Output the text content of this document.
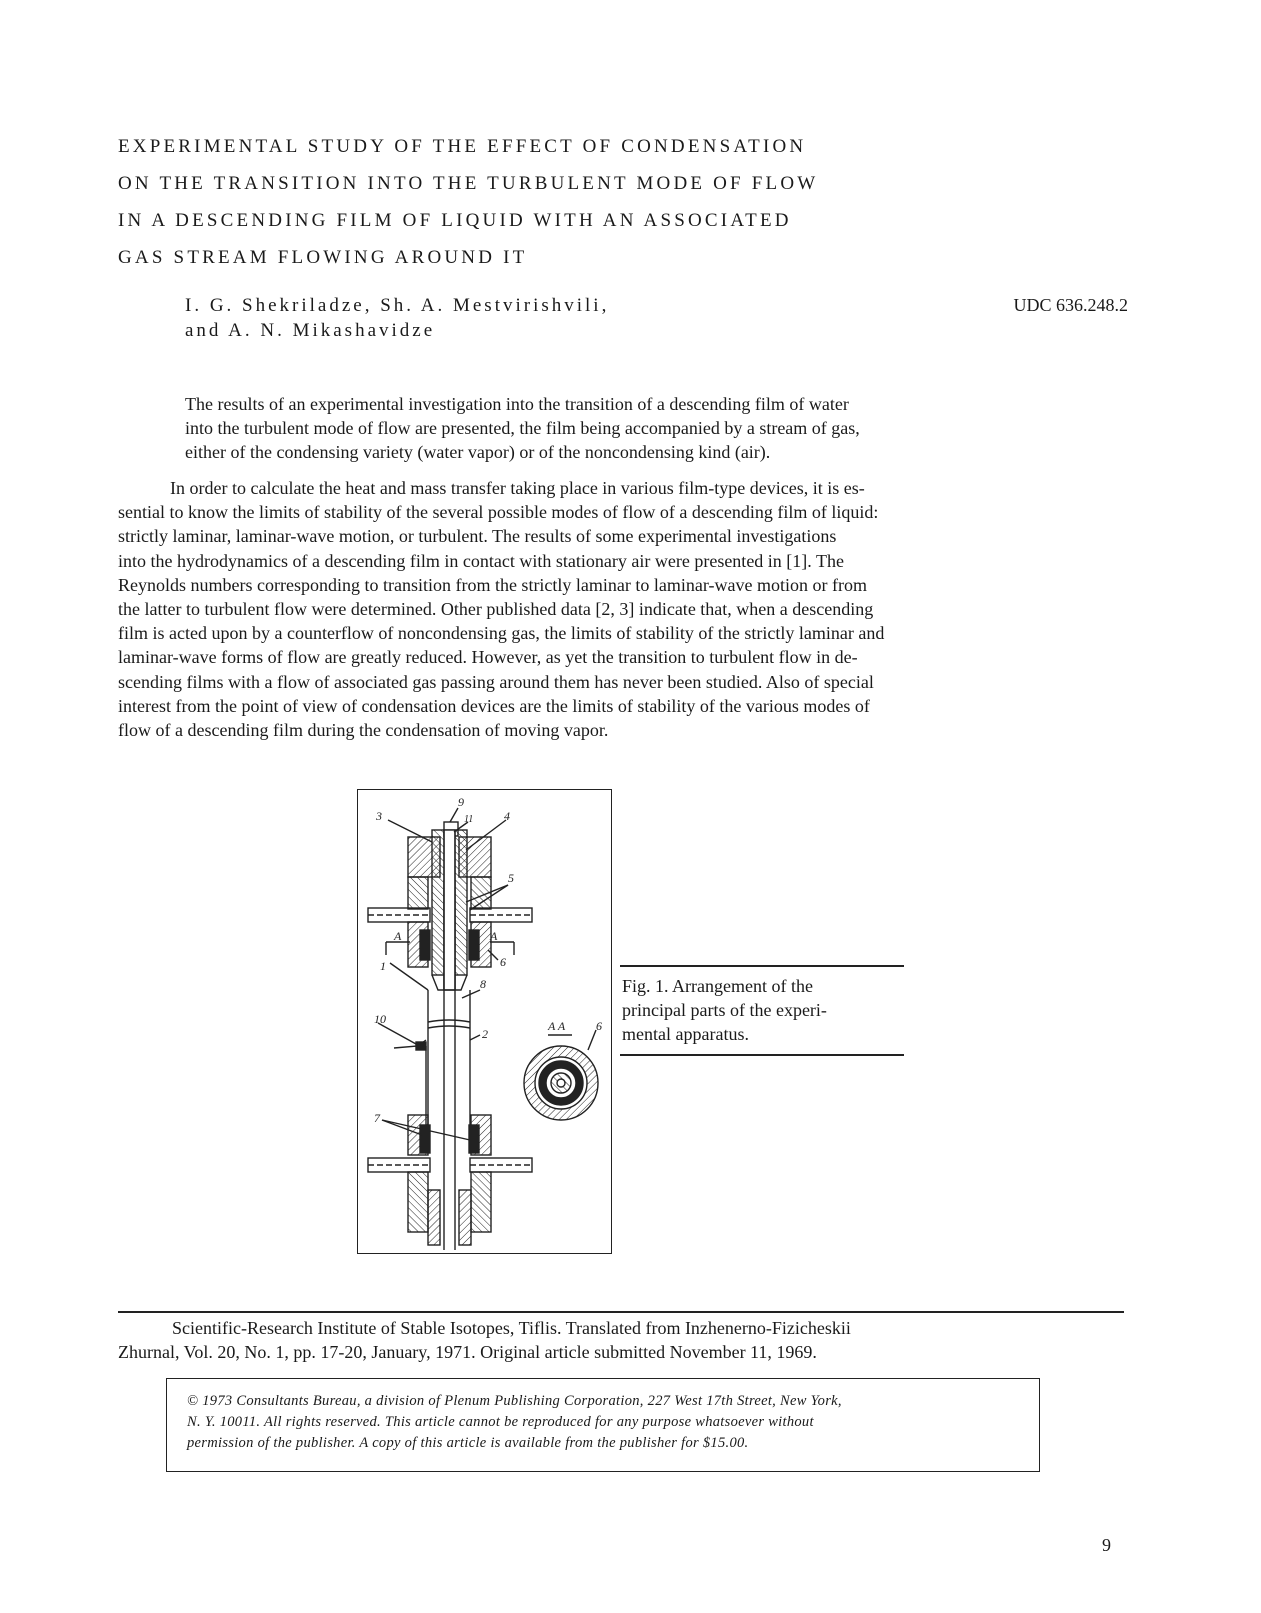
EXPERIMENTAL STUDY OF THE EFFECT OF CONDENSATION
ON THE TRANSITION INTO THE TURBULENT MODE OF FLOW
IN A DESCENDING FILM OF LIQUID WITH AN ASSOCIATED
GAS STREAM FLOWING AROUND IT
I. G. Shekriladze, Sh. A. Mestvirishvili,
and A. N. Mikashavidze
UDC 636.248.2
The results of an experimental investigation into the transition of a descending film of water
into the turbulent mode of flow are presented, the film being accompanied by a stream of gas,
either of the condensing variety (water vapor) or of the noncondensing kind (air).
In order to calculate the heat and mass transfer taking place in various film-type devices, it is es-
sential to know the limits of stability of the several possible modes of flow of a descending film of liquid:
strictly laminar, laminar-wave motion, or turbulent. The results of some experimental investigations
into the hydrodynamics of a descending film in contact with stationary air were presented in [1]. The
Reynolds numbers corresponding to transition from the strictly laminar to laminar-wave motion or from
the latter to turbulent flow were determined. Other published data [2, 3] indicate that, when a descending
film is acted upon by a counterflow of noncondensing gas, the limits of stability of the strictly laminar and
laminar-wave forms of flow are greatly reduced. However, as yet the transition to turbulent flow in de-
scending films with a flow of associated gas passing around them has never been studied. Also of special
interest from the point of view of condensation devices are the limits of stability of the various modes of
flow of a descending film during the condensation of moving vapor.
9
3	11	4
5
A	A
6
1
8
10
2
A A	6
7
Fig. 1. Arrangement of the
principal parts of the experi-
mental apparatus.
Scientific-Research Institute of Stable Isotopes, Tiflis. Translated from Inzhenerno-Fizicheskii
Zhurnal, Vol. 20, No. 1, pp. 17-20, January, 1971. Original article submitted November 11, 1969.
© 1973 Consultants Bureau, a division of Plenum Publishing Corporation, 227 West 17th Street, New York,
N. Y. 10011. All rights reserved. This article cannot be reproduced for any purpose whatsoever without
permission of the publisher. A copy of this article is available from the publisher for $15.00.
9
